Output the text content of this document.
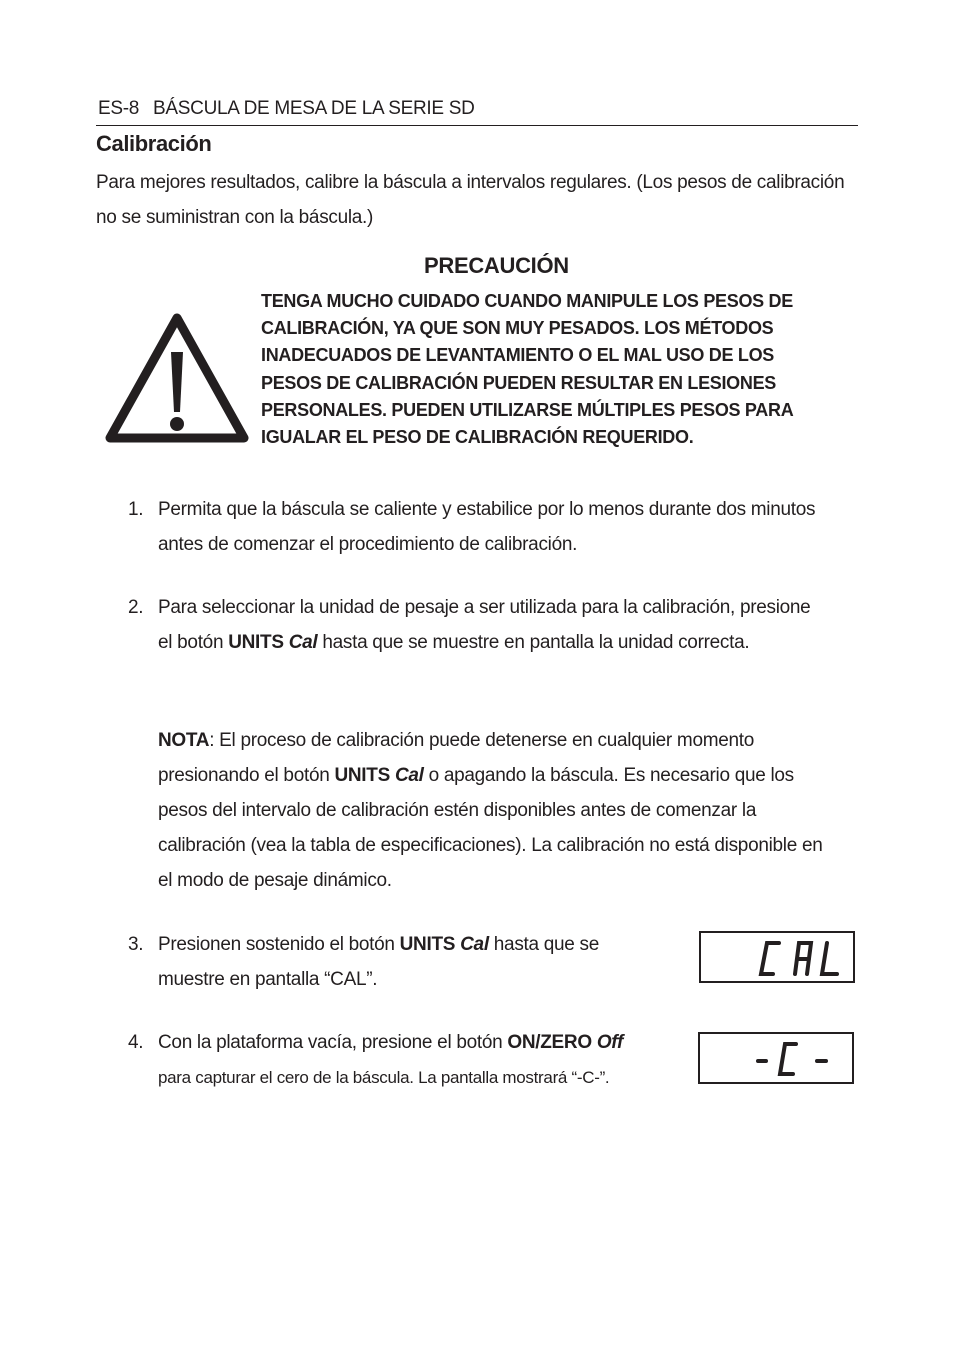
ES-8 BÁSCULA DE MESA DE LA SERIE SD
Calibración
Para mejores resultados, calibre la báscula a intervalos regulares. (Los pesos de calibración no se suministran con la báscula.)
PRECAUCIÓN
TENGA MUCHO CUIDADO CUANDO MANIPULE LOS PESOS DE
CALIBRACIÓN, YA QUE SON MUY PESADOS. LOS MÉTODOS
INADECUADOS DE LEVANTAMIENTO O EL MAL USO DE LOS
PESOS DE CALIBRACIÓN PUEDEN RESULTAR EN LESIONES
PERSONALES. PUEDEN UTILIZARSE MÚLTIPLES PESOS PARA
IGUALAR EL PESO DE CALIBRACIÓN REQUERIDO.
1. Permita que la báscula se caliente y estabilice por lo menos durante dos minutos antes de comenzar el procedimiento de calibración.
2. Para seleccionar la unidad de pesaje a ser utilizada para la calibración, presione el botón UNITS Cal hasta que se muestre en pantalla la unidad correcta.
NOTA: El proceso de calibración puede detenerse en cualquier momento presionando el botón UNITS Cal o apagando la báscula. Es necesario que los pesos del intervalo de calibración estén disponibles antes de comenzar la calibración (vea la tabla de especificaciones). La calibración no está disponible en el modo de pesaje dinámico.
3. Presionen sostenido el botón UNITS Cal hasta que se muestre en pantalla “CAL”.
4. Con la plataforma vacía, presione el botón ON/ZERO Off
para capturar el cero de la báscula. La pantalla mostrará “-C-”.
